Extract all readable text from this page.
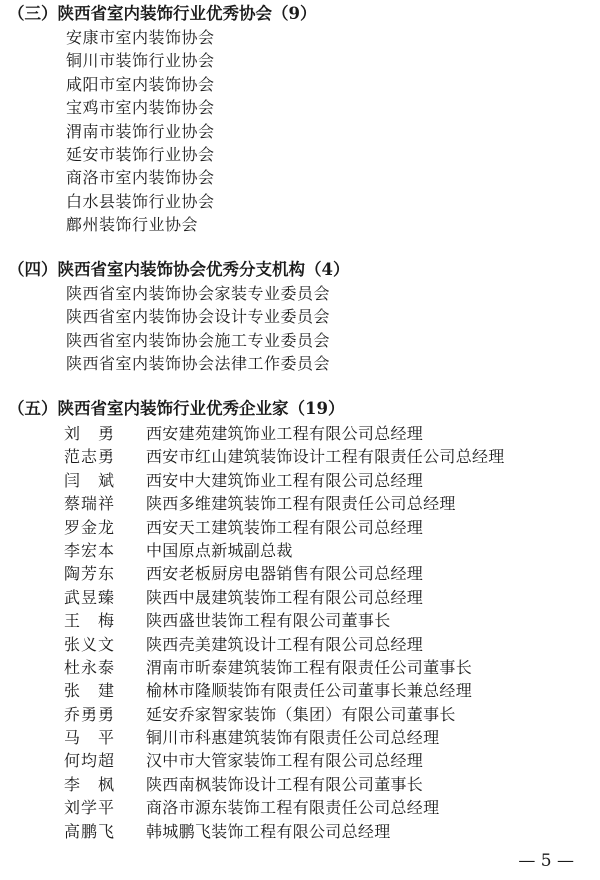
（三）陕西省室内装饰行业优秀协会（9）
安康市室内装饰协会
铜川市装饰行业协会
咸阳市室内装饰协会
宝鸡市室内装饰协会
渭南市装饰行业协会
延安市装饰行业协会
商洛市室内装饰协会
白水县装饰行业协会
鄜州装饰行业协会
（四）陕西省室内装饰协会优秀分支机构（4）
陕西省室内装饰协会家装专业委员会
陕西省室内装饰协会设计专业委员会
陕西省室内装饰协会施工专业委员会
陕西省室内装饰协会法律工作委员会
（五）陕西省室内装饰行业优秀企业家（19）
刘勇 西安建苑建筑饰业工程有限公司总经理
范志勇 西安市红山建筑装饰设计工程有限责任公司总经理
闫斌 西安中大建筑饰业工程有限公司总经理
蔡瑞祥 陕西多维建筑装饰工程有限责任公司总经理
罗金龙 西安天工建筑装饰工程有限公司总经理
李宏本 中国原点新城副总裁
陶芳东 西安老板厨房电器销售有限公司总经理
武昱臻 陕西中晟建筑装饰工程有限公司总经理
王梅 陕西盛世装饰工程有限公司董事长
张义文 陕西壳美建筑设计工程有限公司总经理
杜永泰 渭南市昕泰建筑装饰工程有限责任公司董事长
张建 榆林市隆顺装饰有限责任公司董事长兼总经理
乔勇勇 延安乔家智家装饰（集团）有限公司董事长
马平 铜川市科惠建筑装饰有限责任公司总经理
何均超 汉中市大管家装饰工程有限公司总经理
李枫 陕西南枫装饰设计工程有限公司董事长
刘学平 商洛市源东装饰工程有限责任公司总经理
高鹏飞 韩城鹏飞装饰工程有限公司总经理
— 5 —
